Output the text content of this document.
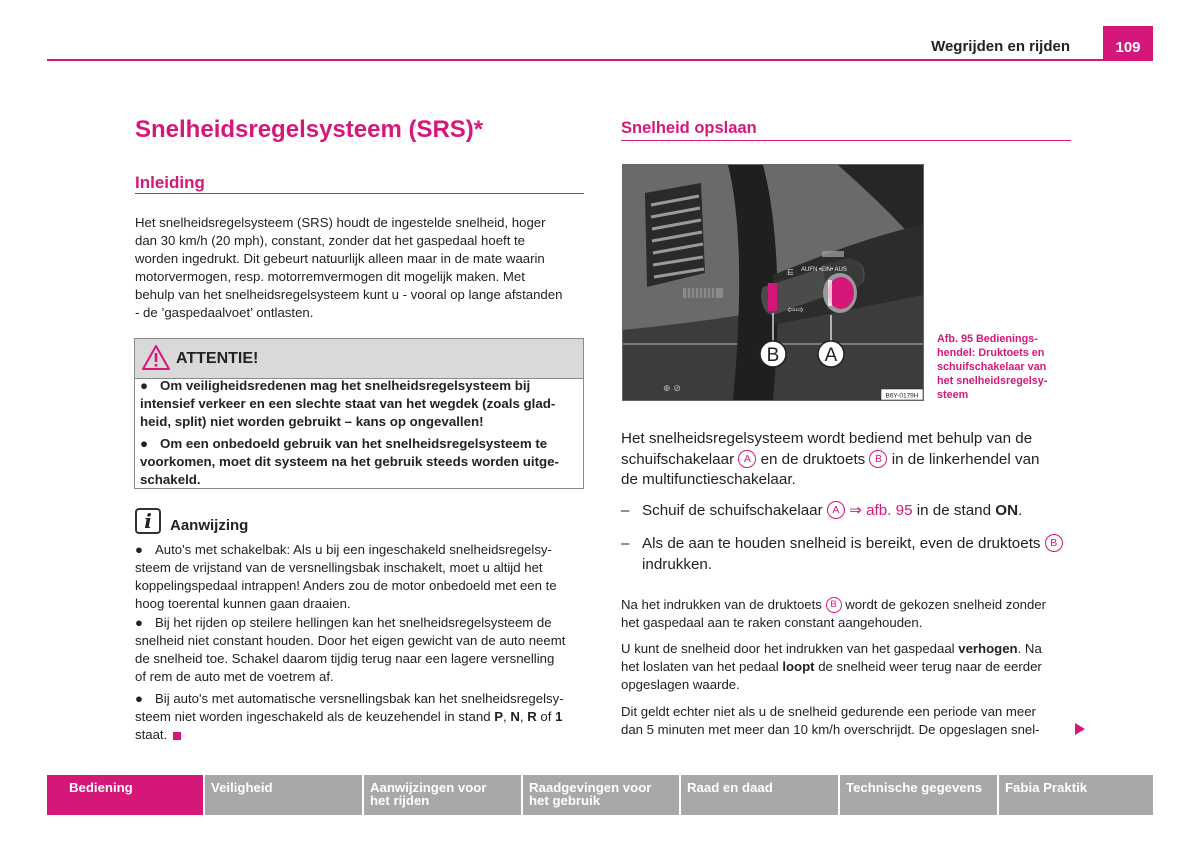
Wegrijden en rijden	109
Snelheidsregelsysteem (SRS)*
Inleiding
Het snelheidsregelsysteem (SRS) houdt de ingestelde snelheid, hoger
dan 30 km/h (20 mph), constant, zonder dat het gaspedaal hoeft te
worden ingedrukt. Dit gebeurt natuurlijk alleen maar in de mate waarin
motorvermogen, resp. motorremvermogen dit mogelijk maken. Met
behulp van het snelheidsregelsysteem kunt u - vooral op lange afstanden
- de ’gaspedaalvoet’ ontlasten.
ATTENTIE!
● Om veiligheidsredenen mag het snelheidsregelsysteem bij
intensief verkeer en een slechte staat van het wegdek (zoals glad-
heid, split) niet worden gebruikt – kans op ongevallen!
● Om een onbedoeld gebruik van het snelheidsregelsysteem te
voorkomen, moet dit systeem na het gebruik steeds worden uitge-
schakeld.
i	Aanwijzing
● Auto's met schakelbak: Als u bij een ingeschakeld snelheidsregelsy-
steem de vrijstand van de versnellingsbak inschakelt, moet u altijd het
koppelingspedaal intrappen! Anders zou de motor onbedoeld met een te
hoog toerental kunnen gaan draaien.
● Bij het rijden op steilere hellingen kan het snelheidsregelsysteem de
snelheid niet constant houden. Door het eigen gewicht van de auto neemt
de snelheid toe. Schakel daarom tijdig terug naar een lagere versnelling
of rem de auto met de voetrem af.
● Bij auto's met automatische versnellingsbak kan het snelheidsregelsy-
steem niet worden ingeschakeld als de keuzehendel in stand P, N, R of 1
staat.
Snelheid opslaan
AUFN •EIN• AUS
⋿
⇦⇨
B A
⊕ ⊘
B6Y-0179H
Afb. 95 Bedienings-
hendel: Druktoets en
schuifschakelaar van
het snelheidsregelsy-
steem
Het snelheidsregelsysteem wordt bediend met behulp van de
schuifschakelaar A en de druktoets B in de linkerhendel van
de multifunctieschakelaar.
– Schuif de schuifschakelaar A ⇒ afb. 95 in de stand ON.
– Als de aan te houden snelheid is bereikt, even de druktoets B
indrukken.
Na het indrukken van de druktoets B wordt de gekozen snelheid zonder
het gaspedaal aan te raken constant aangehouden.
U kunt de snelheid door het indrukken van het gaspedaal verhogen. Na
het loslaten van het pedaal loopt de snelheid weer terug naar de eerder
opgeslagen waarde.
Dit geldt echter niet als u de snelheid gedurende een periode van meer
dan 5 minuten met meer dan 10 km/h overschrijdt. De opgeslagen snel-
Bediening	Veiligheid	Aanwijzingen voor
het rijden
Raadgevingen voor
het gebruik
Raad en daad	Technische gegevens	Fabia Praktik
